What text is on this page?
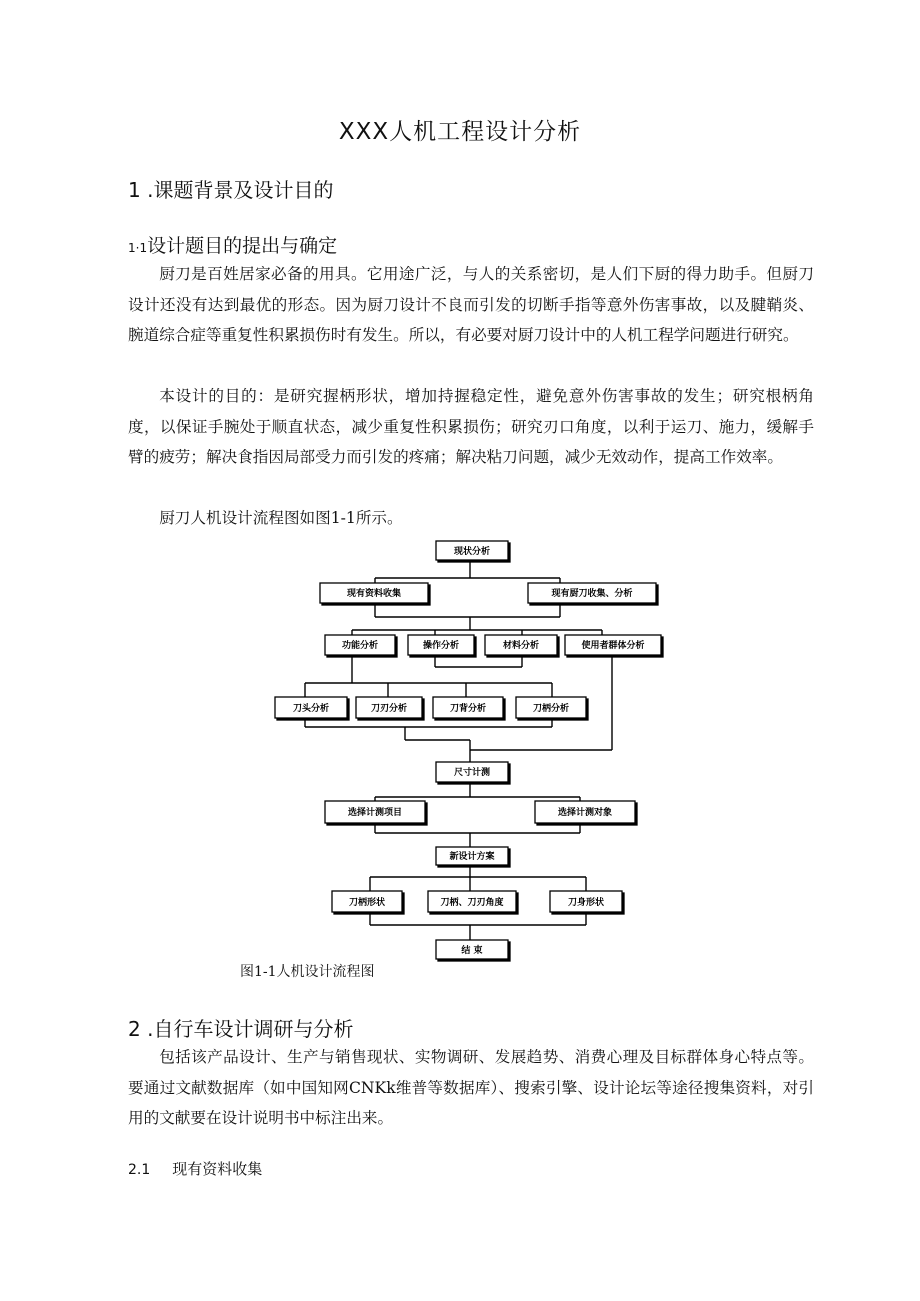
XXX人机工程设计分析
1 .课题背景及设计目的
1·1设计题目的提出与确定

厨刀是百姓居家必备的用具。它用途广泛，与人的关系密切，是人们下厨的得力助手。但厨刀设计还没有达到最优的形态。因为厨刀设计不良而引发的切断手指等意外伤害事故，以及腱鞘炎、腕道综合症等重复性积累损伤时有发生。所以，有必要对厨刀设计中的人机工程学问题进行研究。

本设计的目的：是研究握柄形状，增加持握稳定性，避免意外伤害事故的发生；研究根柄角度，以保证手腕处于顺直状态，减少重复性积累损伤；研究刃口角度，以利于运刀、施力，缓解手臂的疲劳；解决食指因局部受力而引发的疼痛；解决粘刀问题，减少无效动作，提高工作效率。

厨刀人机设计流程图如图1-1所示。

现状分析
现有资料收集	现有厨刀收集、分析
功能分析	操作分析	材料分析	使用者群体分析
刀头分析	刀刃分析	刀背分析	刀柄分析
尺寸计测
选择计测项目	选择计测对象
新设计方案
刀柄形状	刀柄、刀刃角度	刀身形状
结 束
图1-1人机设计流程图
2 .自行车设计调研与分析

包括该产品设计、生产与销售现状、实物调研、发展趋势、消费心理及目标群体身心特点等。要通过文献数据库（如中国知网CNKk维普等数据库）、搜索引擎、设计论坛等途径搜集资料，对引用的文献要在设计说明书中标注出来。

2.1 现有资料收集
